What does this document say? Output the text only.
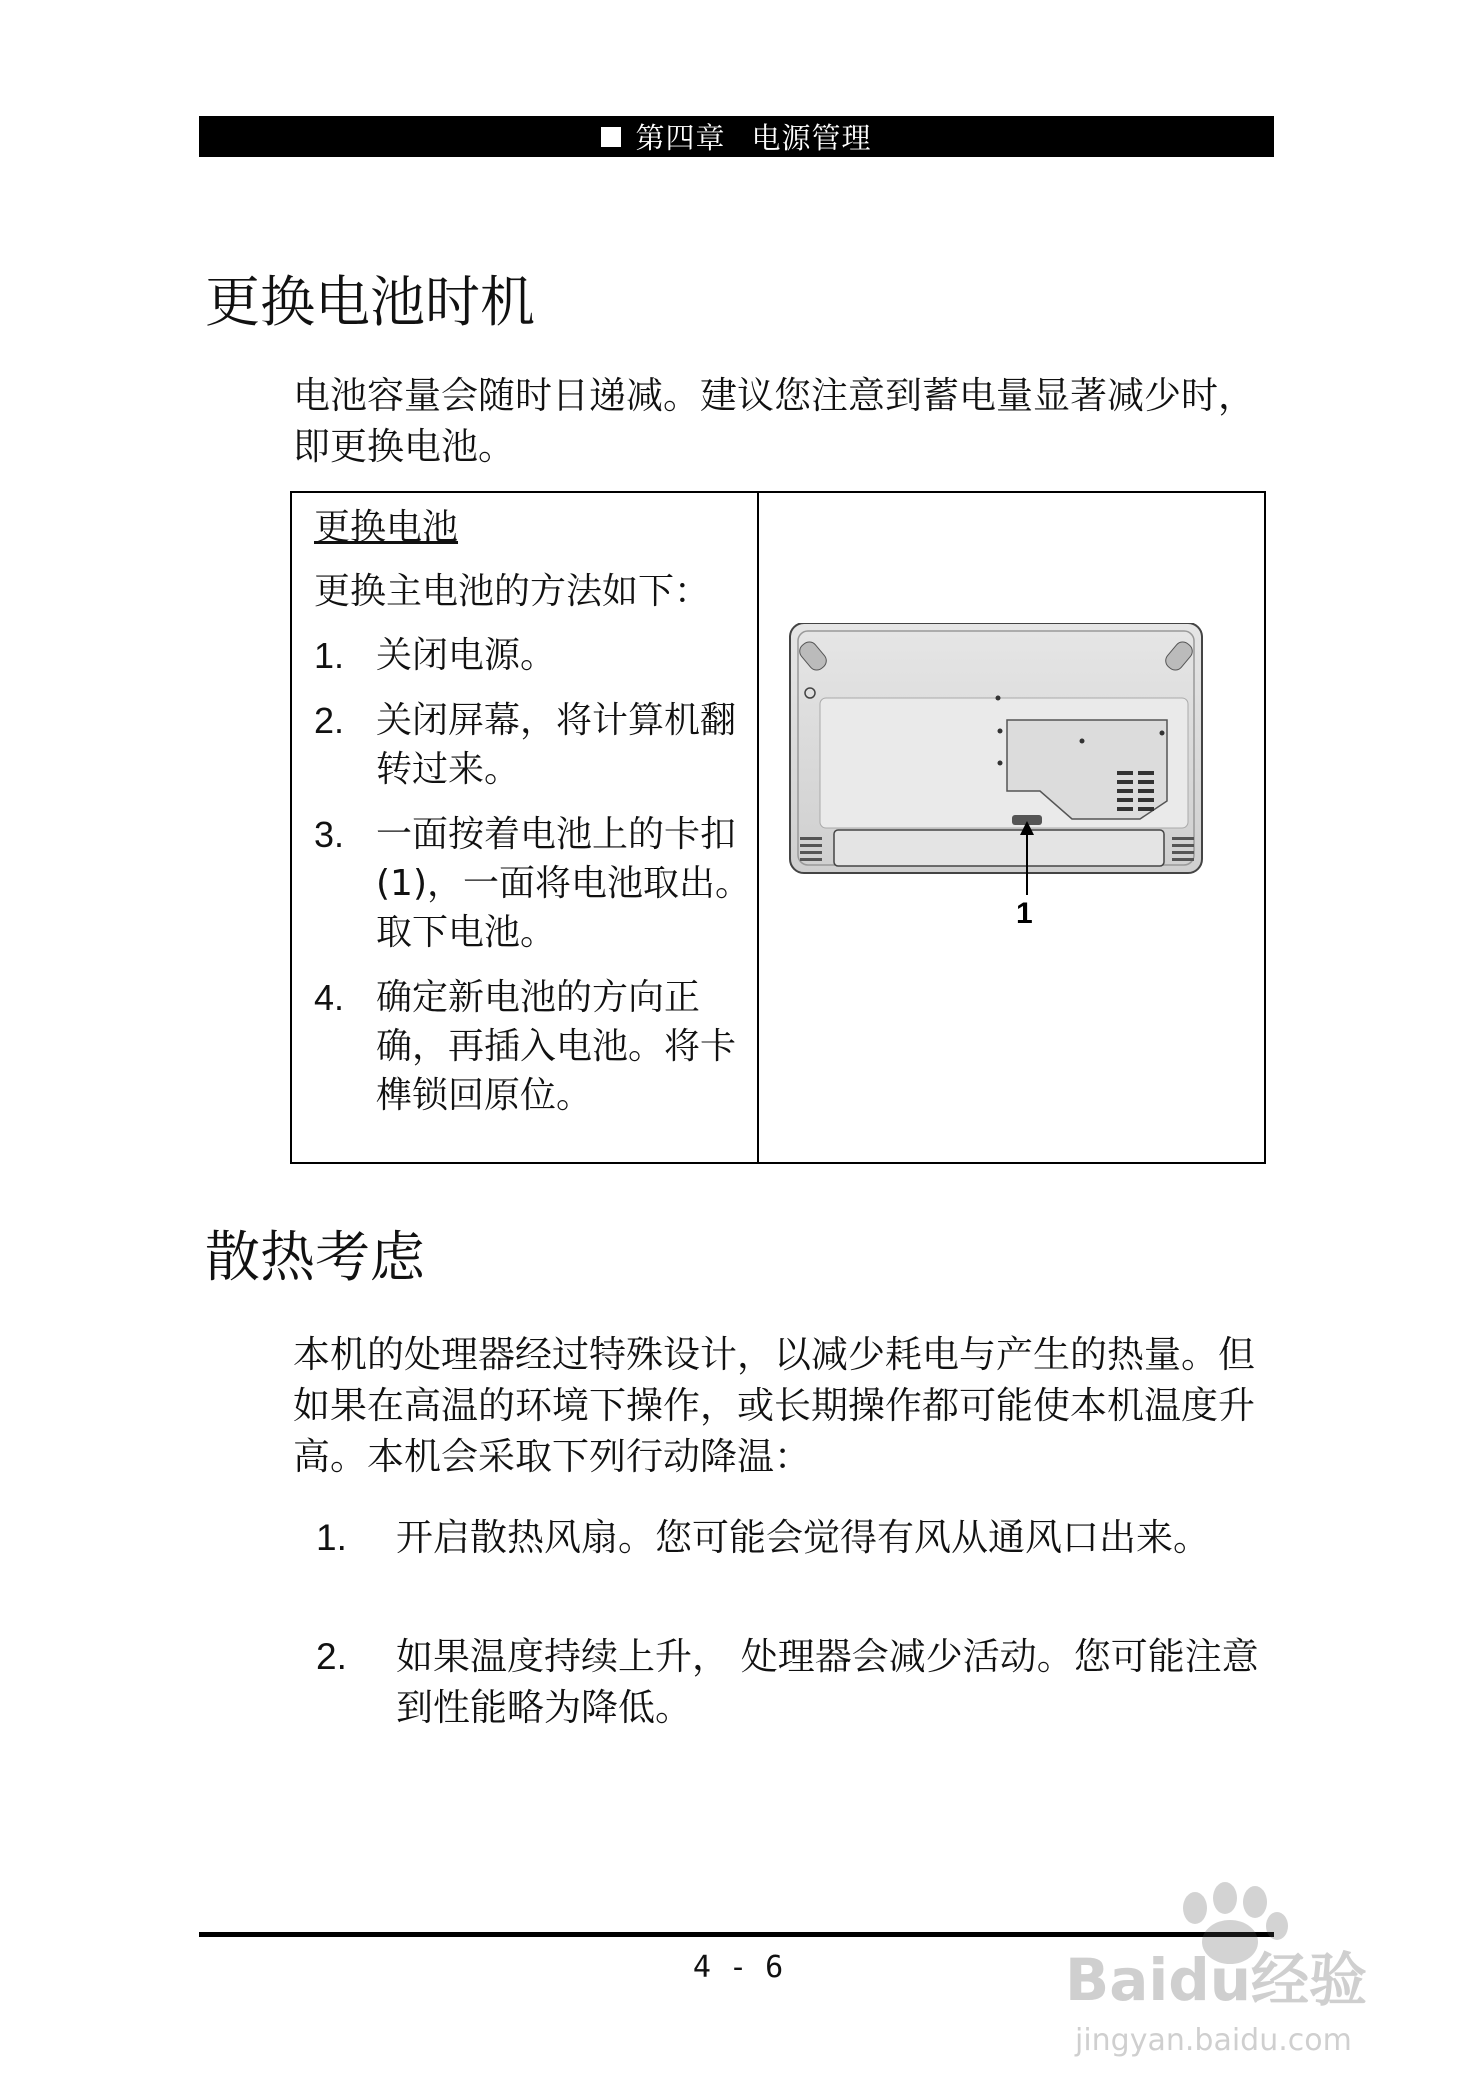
第四章 电源管理
更换电池时机

电池容量会随时日递减。建议您注意到蓄电量显著减少时，即更换电池。

更换电池
更换主电池的方法如下：
1. 关闭电源。
2. 关闭屏幕，将计算机翻转过来。
3. 一面按着电池上的卡扣(1)，一面将电池取出。取下电池。
4. 确定新电池的方向正确，再插入电池。将卡榫锁回原位。
1
散热考虑

本机的处理器经过特殊设计，以减少耗电与产生的热量。但如果在高温的环境下操作，或长期操作都可能使本机温度升高。本机会采取下列行动降温：

1.	开启散热风扇。您可能会觉得有风从通风口出来。
2.	如果温度持续上升， 处理器会减少活动。您可能注意到性能略为降低。
4 - 6	Baidu经验
jingyan.baidu.com
